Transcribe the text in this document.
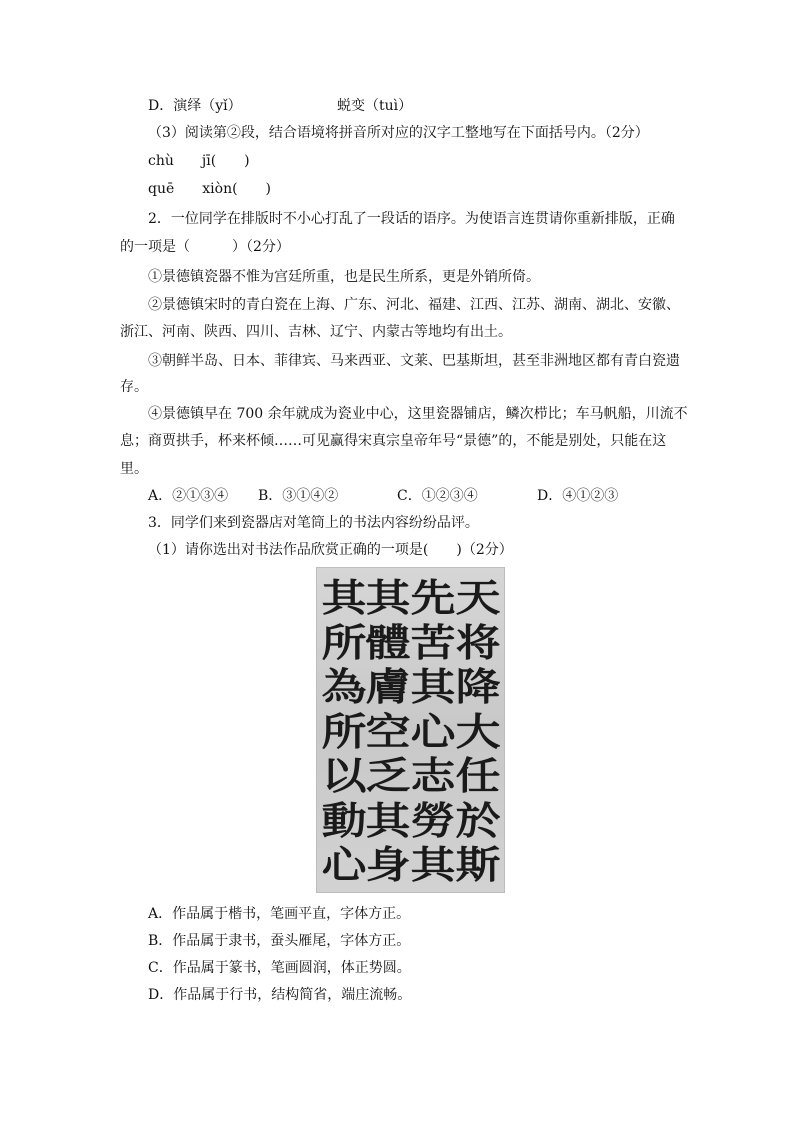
D．演绎（yǐ）	蜕变（tuì）
（3）阅读第②段，结合语境将拼音所对应的汉字工整地写在下面括号内。（2分）
chù　　jī(　　)
quē　　xiòn(　　)
2．一位同学在排版时不小心打乱了一段话的语序。为使语言连贯请你重新排版，正确
的一项是（　　　）（2分）
①景德镇瓷器不惟为宫廷所重，也是民生所系，更是外销所倚。
②景德镇宋时的青白瓷在上海、广东、河北、福建、江西、江苏、湖南、湖北、安徽、
浙江、河南、陕西、四川、吉林、辽宁、内蒙古等地均有出土。
③朝鲜半岛、日本、菲律宾、马来西亚、文莱、巴基斯坦，甚至非洲地区都有青白瓷遗
存。
④景德镇早在 700 余年就成为瓷业中心，这里瓷器铺店，鳞次栉比；车马帆船，川流不
息；商贾拱手，杯来杯倾……可见赢得宋真宗皇帝年号“景德”的，不能是别处，只能在这
里。
A．②①③④ B．③①④②	C．①②③④	D．④①②③
3．同学们来到瓷器店对笔筒上的书法内容纷纷品评。
（1）请你选出对书法作品欣赏正确的一项是(　　)（2分）
天
将
降
大
任
於
斯
先
苦
其
心
志
勞
其
其
體
膚
空
乏
其
身
其
所
為
所
以
動
心
A．作品属于楷书，笔画平直，字体方正。
B．作品属于隶书，蚕头雁尾，字体方正。
C．作品属于篆书，笔画圆润，体正势圆。
D．作品属于行书，结构简省，端庄流畅。
